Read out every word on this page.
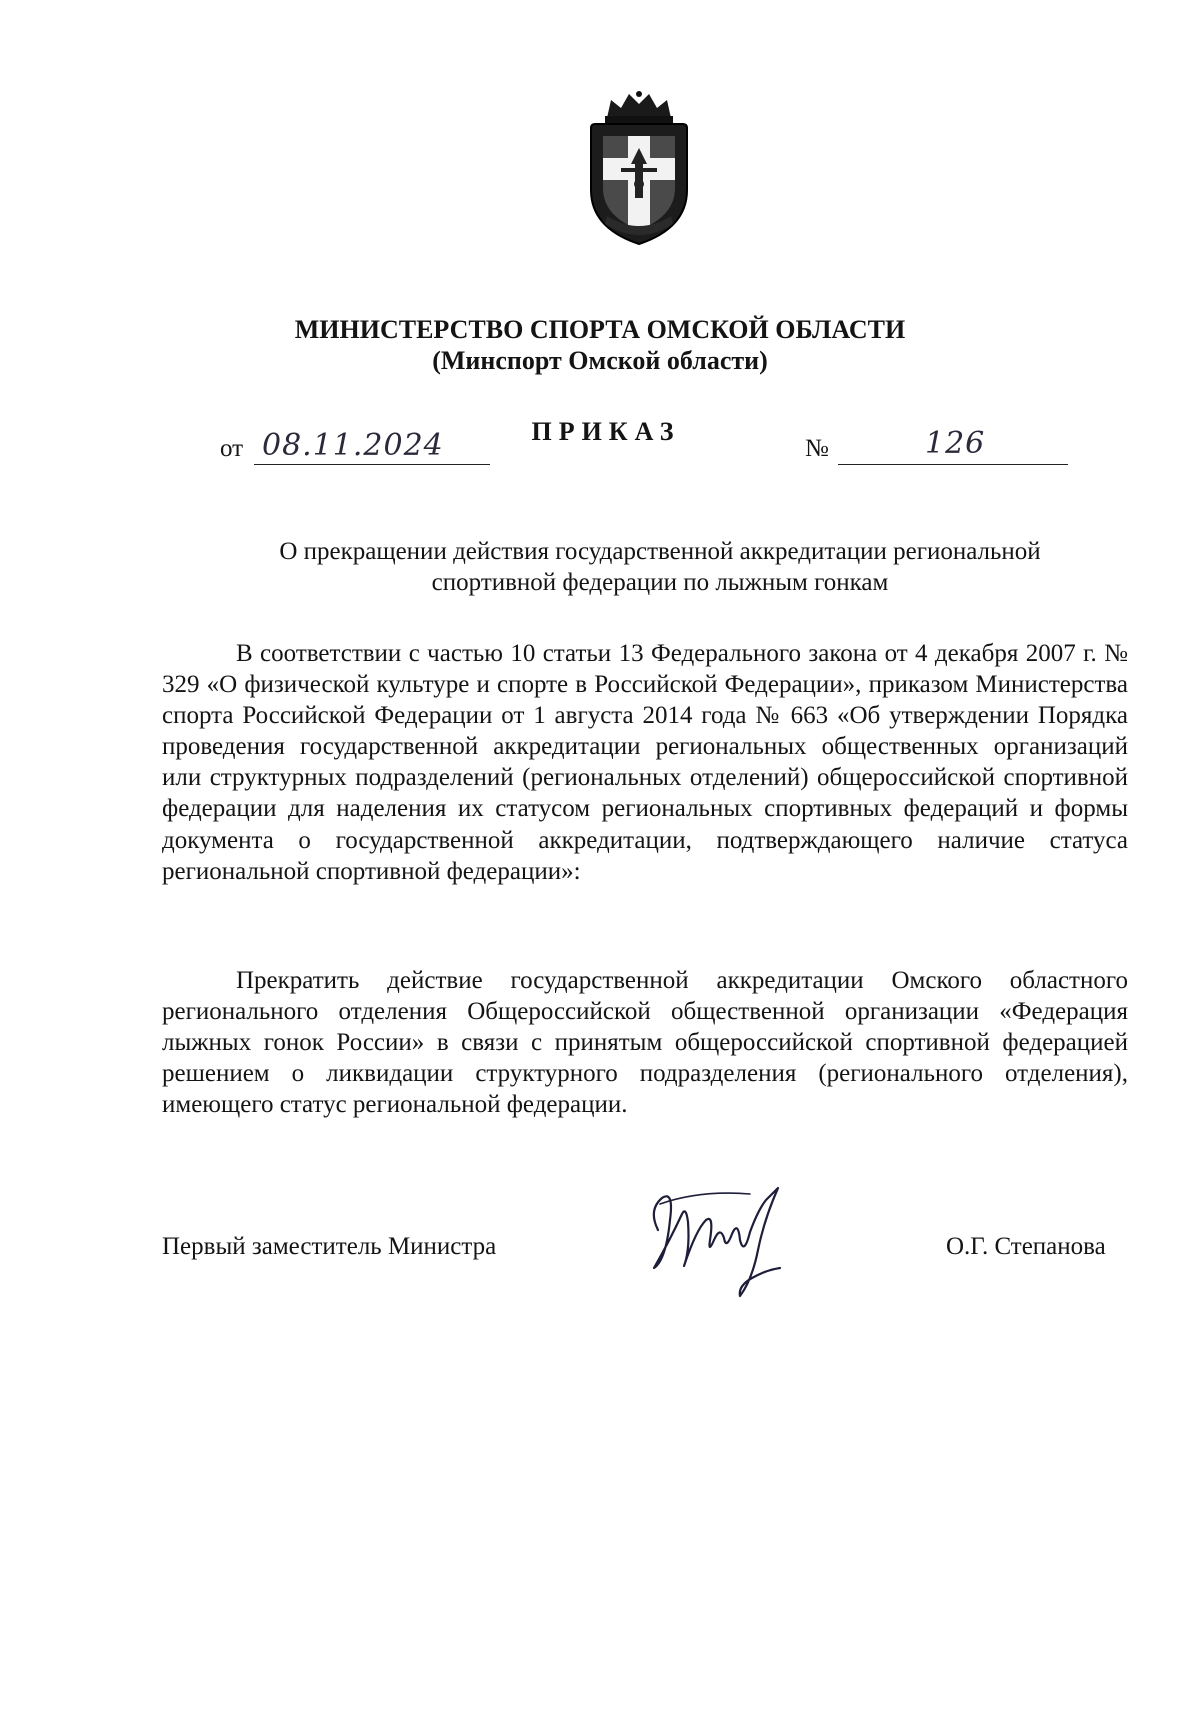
МИНИСТЕРСТВО СПОРТА ОМСКОЙ ОБЛАСТИ
(Минспорт Омской области)
ПРИКАЗ
от 08.11.2024	№	126
О прекращении действия государственной аккредитации региональной
спортивной федерации по лыжным гонкам
В соответствии с частью 10 статьи 13 Федерального закона от 4 декабря 2007 г. № 329 «О физической культуре и спорте в Российской Федерации», приказом Министерства спорта Российской Федерации от 1 августа 2014 года № 663 «Об утверждении Порядка проведения государственной аккредитации региональных общественных организаций или структурных подразделений (региональных отделений) общероссийской спортивной федерации для наделения их статусом региональных спортивных федераций и формы документа о государственной аккредитации, подтверждающего наличие статуса региональной спортивной федерации»:
Прекратить действие государственной аккредитации Омского областного регионального отделения Общероссийской общественной организации «Федерация лыжных гонок России» в связи с принятым общероссийской спортивной федерацией решением о ликвидации структурного подразделения (регионального отделения), имеющего статус региональной федерации.
Первый заместитель Министра	О.Г. Степанова
